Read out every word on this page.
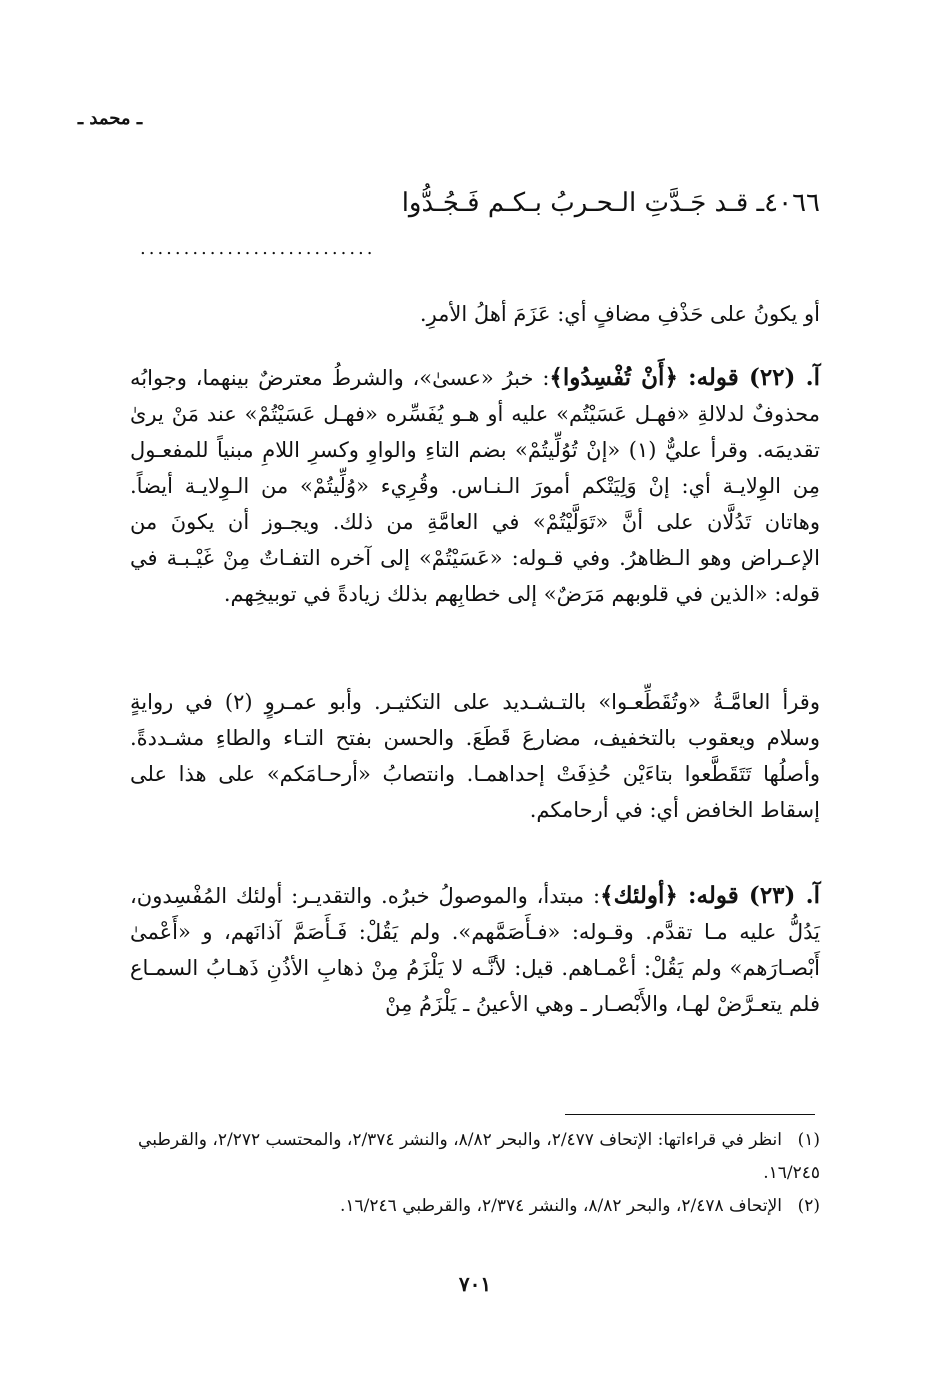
ـ محمد ـ
٤٠٦٦ـ قـد جَـدَّتِ الـحـربُ بـكـم فَـجُـدُّوا
...........................

أو يكونُ على حَذْفِ مضافٍ أي: عَزَمَ أهلُ الأمرِ.

آ. (٢٢) قوله: ﴿أَنْ تُفْسِدُوا﴾: خبرُ «عسىٰ»، والشرطُ معترضٌ بينهما، وجوابُه محذوفٌ لدلالةِ «فهـل عَسَيْتُم» عليه أو هـو يُفَسِّره «فهـل عَسَيْتُمْ» عند مَنْ يرىٰ تقديمَه. وقرأ عليٌّ (١) «إنْ تُوُلِّيتُمْ» بضم التاءِ والواوِ وكسرِ اللامِ مبنياً للمفعـول مِن الوِلايـة أي: إنْ وَلِيَتْكم أمورَ الـنـاس. وقُرِيء «وُلِّيتُمْ» من الـوِلايـة أيضاً. وهاتان تَدُلَّان على أنَّ «تَوَلَّيْتُمْ» في العامَّةِ من ذلك. ويجـوز أن يكونَ من الإعـراض وهو الـظاهرُ. وفي قـوله: «عَسَيْتُمْ» إلى آخره التفـاتٌ مِنْ غَيْـبـة في قوله: «الذين في قلوبهم مَرَضٌ» إلى خطابِهم بذلك زيادةً في توبيخِهم.

وقرأ العامَّـةُ «وتُقَطِّعـوا» بالتـشـديد على التكثيـر. وأبو عمـروٍ (٢) في روايةٍ وسلام ويعقوب بالتخفيف، مضارعَ قَطَعَ. والحسن بفتح التـاء والطاءِ مشـددةً. وأصلُها تَتَقَطَّعوا بتاءَيْن حُذِفَتْ إحداهمـا. وانتصابُ «أرحـامَكم» على هذا على إسقاط الخافض أي: في أرحامكم.

آ. (٢٣) قوله: ﴿أولئك﴾: مبتدأ، والموصولُ خبرُه. والتقديـر: أولئك المُفْسِدون، يَدُلُّ عليه مـا تقدَّم. وقـوله: «فـأَصَمَّهم». ولم يَقُلْ: فَـأَصَمَّ آذانَهم، و «أَعْمىٰ أَبْصـارَهم» ولم يَقُلْ: أعْمـاهم. قيل: لأنَّـه لا يَلْزَمُ مِنْ ذهابِ الأذُنِ ذَهـابُ السمـاع فلم يتعـرَّضْ لهـا، والأَبْصـار ـ وهي الأعينُ ـ يَلْزَمُ مِنْ

(١)انظر في قراءاتها: الإتحاف ٢/٤٧٧، والبحر ٨/٨٢، والنشر ٢/٣٧٤، والمحتسب ٢/٢٧٢، والقرطبي ١٦/٢٤٥.

(٢)الإتحاف ٢/٤٧٨، والبحر ٨/٨٢، والنشر ٢/٣٧٤، والقرطبي ١٦/٢٤٦.

٧٠١
